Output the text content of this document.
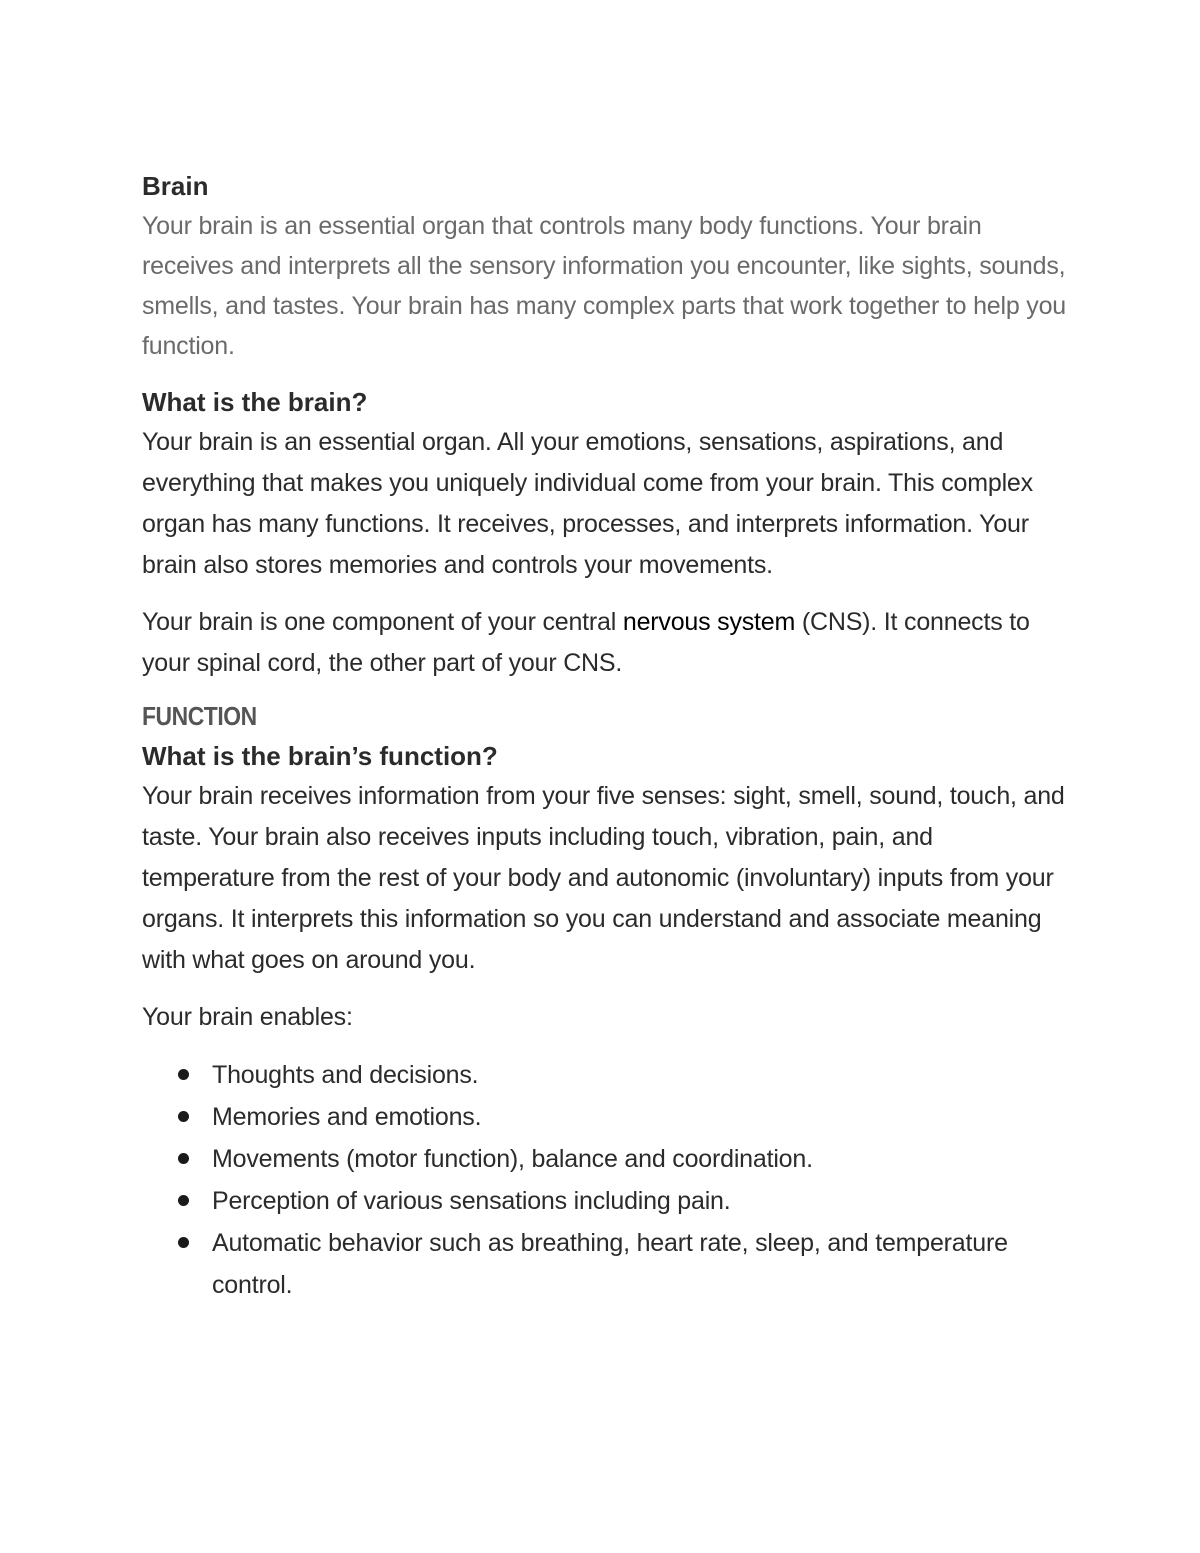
Brain

Your brain is an essential organ that controls many body functions. Your brain receives and interprets all the sensory information you encounter, like sights, sounds, smells, and tastes. Your brain has many complex parts that work together to help you function.

What is the brain?

Your brain is an essential organ. All your emotions, sensations, aspirations, and everything that makes you uniquely individual come from your brain. This complex organ has many functions. It receives, processes, and interprets information. Your brain also stores memories and controls your movements.

Your brain is one component of your central nervous system (CNS). It connects to your spinal cord, the other part of your CNS.

FUNCTION

What is the brain’s function?

Your brain receives information from your five senses: sight, smell, sound, touch, and taste. Your brain also receives inputs including touch, vibration, pain, and temperature from the rest of your body and autonomic (involuntary) inputs from your organs. It interprets this information so you can understand and associate meaning with what goes on around you.

Your brain enables:

Thoughts and decisions.
Memories and emotions.
Movements (motor function), balance and coordination.
Perception of various sensations including pain.
Automatic behavior such as breathing, heart rate, sleep, and temperature control.
